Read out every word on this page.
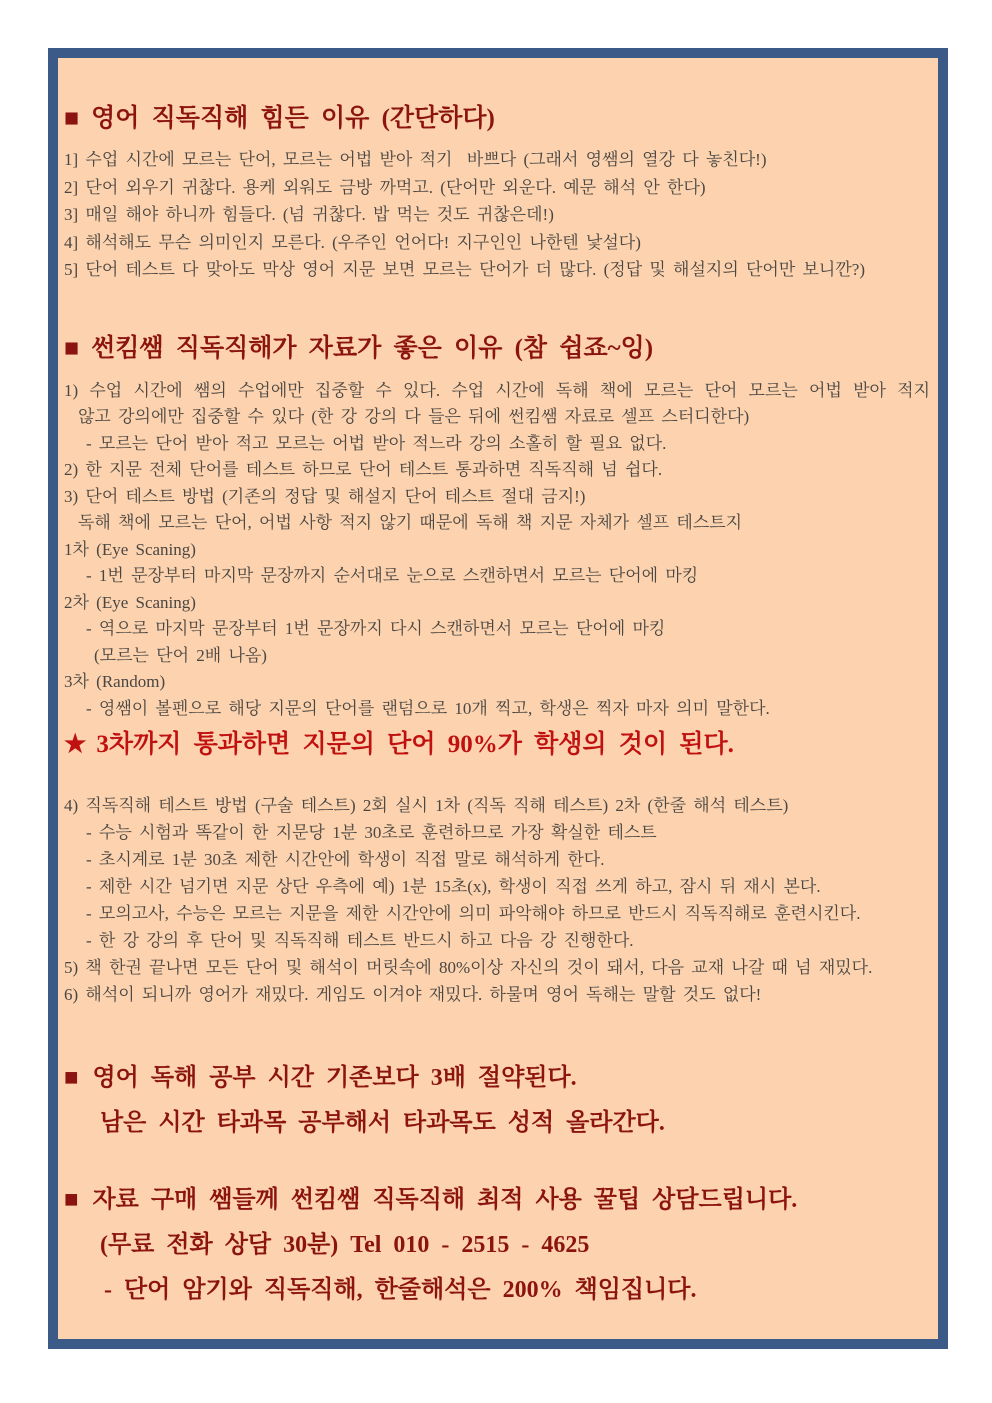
■ 영어 직독직해 힘든 이유 (간단하다)

1] 수업 시간에 모르는 단어, 모르는 어법 받아 적기  바쁘다 (그래서 영쌤의 열강 다 놓친다!)

2] 단어 외우기 귀찮다. 용케 외워도 금방 까먹고. (단어만 외운다. 예문 해석 안 한다)

3] 매일 해야 하니까 힘들다. (넘 귀찮다. 밥 먹는 것도 귀찮은데!)

4] 해석해도 무슨 의미인지 모른다. (우주인 언어다! 지구인인 나한텐 낯설다)

5] 단어 테스트 다 맞아도 막상 영어 지문 보면 모르는 단어가 더 많다. (정답 및 해설지의 단어만 보니깐?)

■ 썬킴쌤 직독직해가 자료가 좋은 이유 (참 쉽죠~잉)

1) 수업 시간에 쌤의 수업에만 집중할 수 있다. 수업 시간에 독해 책에 모르는 단어 모르는 어법 받아 적지

않고 강의에만 집중할 수 있다 (한 강 강의 다 들은 뒤에 썬킴쌤 자료로 셀프 스터디한다)

- 모르는 단어 받아 적고 모르는 어법 받아 적느라 강의 소홀히 할 필요 없다.

2) 한 지문 전체 단어를 테스트 하므로 단어 테스트 통과하면 직독직해 넘 쉽다.

3) 단어 테스트 방법 (기존의 정답 및 해설지 단어 테스트 절대 금지!)

독해 책에 모르는 단어, 어법 사항 적지 않기 때문에 독해 책 지문 자체가 셀프 테스트지

1차 (Eye Scaning)

- 1번 문장부터 마지막 문장까지 순서대로 눈으로 스캔하면서 모르는 단어에 마킹

2차 (Eye Scaning)

- 역으로 마지막 문장부터 1번 문장까지 다시 스캔하면서 모르는 단어에 마킹

(모르는 단어 2배 나옴)

3차 (Random)

- 영쌤이 볼펜으로 해당 지문의 단어를 랜덤으로 10개 찍고, 학생은 찍자 마자 의미 말한다.

★ 3차까지 통과하면 지문의 단어 90%가 학생의 것이 된다.

4) 직독직해 테스트 방법 (구술 테스트) 2회 실시 1차 (직독 직해 테스트) 2차 (한줄 해석 테스트)

- 수능 시험과 똑같이 한 지문당 1분 30초로 훈련하므로 가장 확실한 테스트

- 초시계로 1분 30초 제한 시간안에 학생이 직접 말로 해석하게 한다.

- 제한 시간 넘기면 지문 상단 우측에 예) 1분 15초(x), 학생이 직접 쓰게 하고, 잠시 뒤 재시 본다.

- 모의고사, 수능은 모르는 지문을 제한 시간안에 의미 파악해야 하므로 반드시 직독직해로 훈련시킨다.

- 한 강 강의 후 단어 및 직독직해 테스트 반드시 하고 다음 강 진행한다.

5) 책 한권 끝나면 모든 단어 및 해석이 머릿속에 80%이상 자신의 것이 돼서, 다음 교재 나갈 때 넘 재밌다.

6) 해석이 되니까 영어가 재밌다. 게임도 이겨야 재밌다. 하물며 영어 독해는 말할 것도 없다!

■ 영어 독해 공부 시간 기존보다 3배 절약된다.

남은 시간 타과목 공부해서 타과목도 성적 올라간다.

■ 자료 구매 쌤들께 썬킴쌤 직독직해 최적 사용 꿀팁 상담드립니다.

(무료 전화 상담 30분) Tel 010 - 2515 - 4625

- 단어 암기와 직독직해, 한줄해석은 200% 책임집니다.
